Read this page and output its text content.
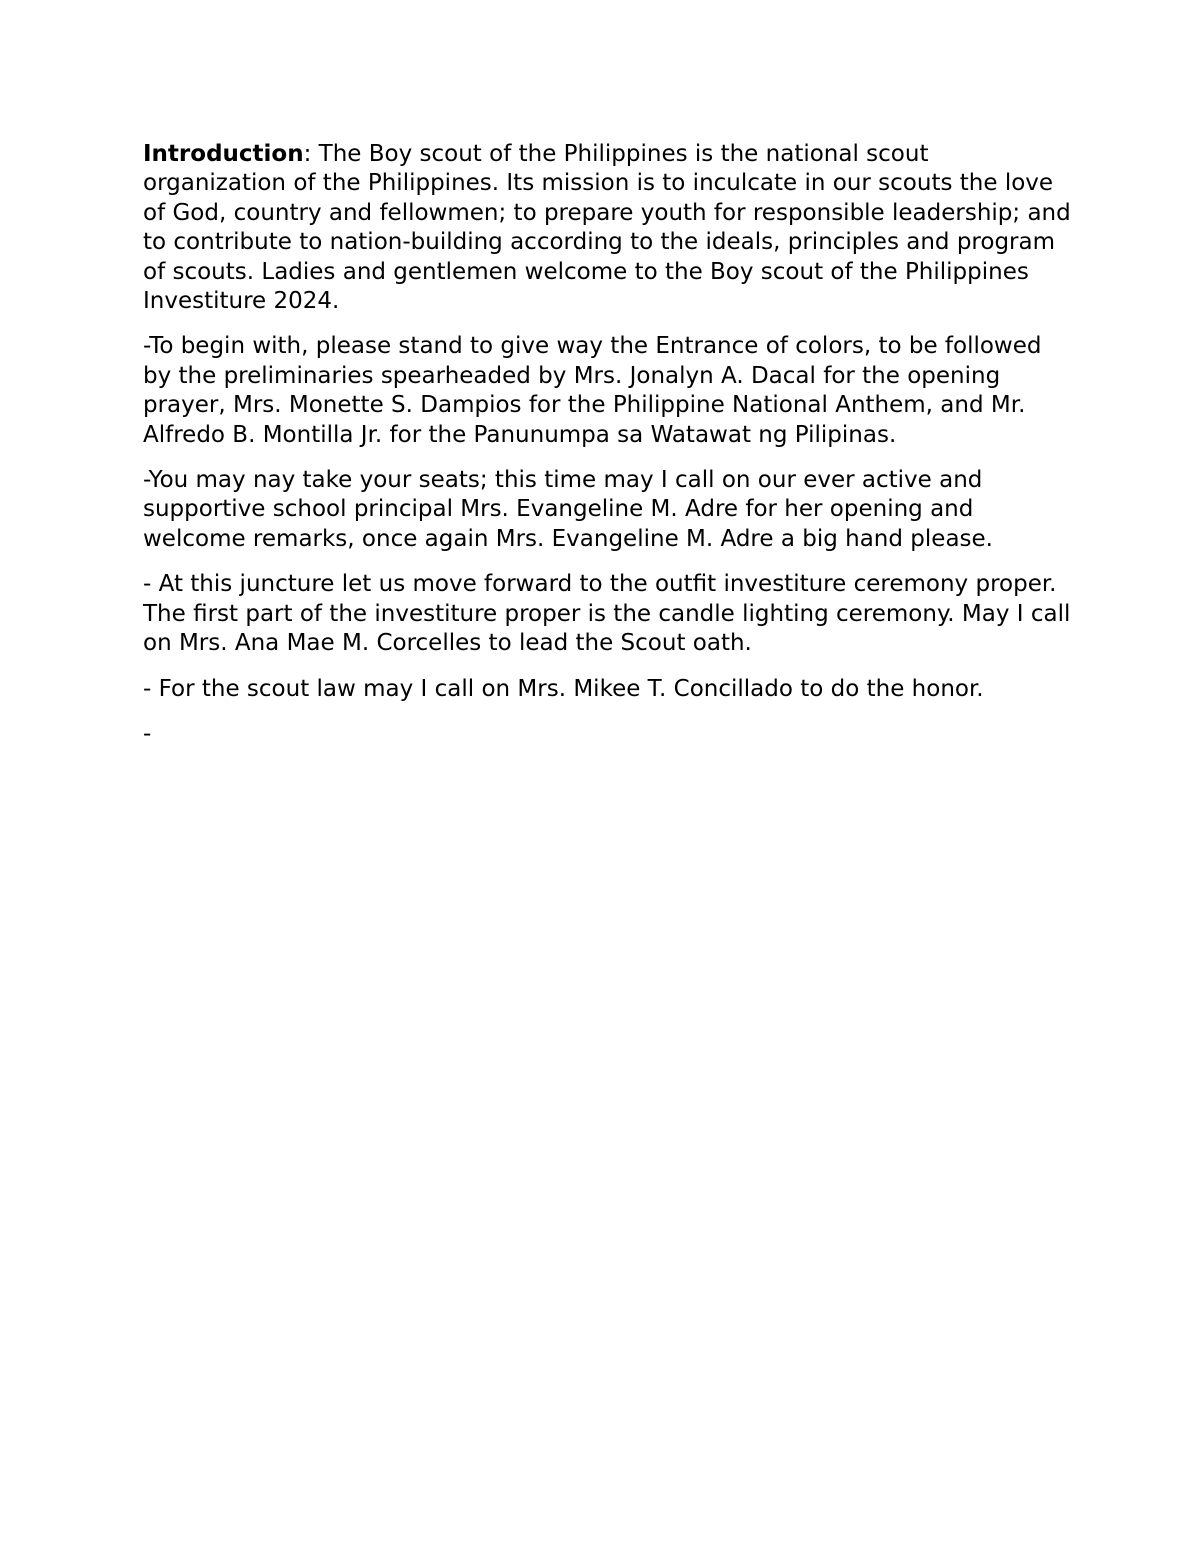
Introduction: The Boy scout of the Philippines is the national scout organization of the Philippines. Its mission is to inculcate in our scouts the love of God, country and fellowmen; to prepare youth for responsible leadership; and to contribute to nation-building according to the ideals, principles and program of scouts. Ladies and gentlemen welcome to the Boy scout of the Philippines Investiture 2024.

-To begin with, please stand to give way the Entrance of colors, to be followed by the preliminaries spearheaded by Mrs. Jonalyn A. Dacal for the opening prayer, Mrs. Monette S. Dampios for the Philippine National Anthem, and Mr. Alfredo B. Montilla Jr. for the Panunumpa sa Watawat ng Pilipinas.

-You may nay take your seats; this time may I call on our ever active and supportive school principal Mrs. Evangeline M. Adre for her opening and welcome remarks, once again Mrs. Evangeline M. Adre a big hand please.

- At this juncture let us move forward to the outfit investiture ceremony proper. The first part of the investiture proper is the candle lighting ceremony. May I call on Mrs. Ana Mae M. Corcelles to lead the Scout oath.

- For the scout law may I call on Mrs. Mikee T. Concillado to do the honor.

-
